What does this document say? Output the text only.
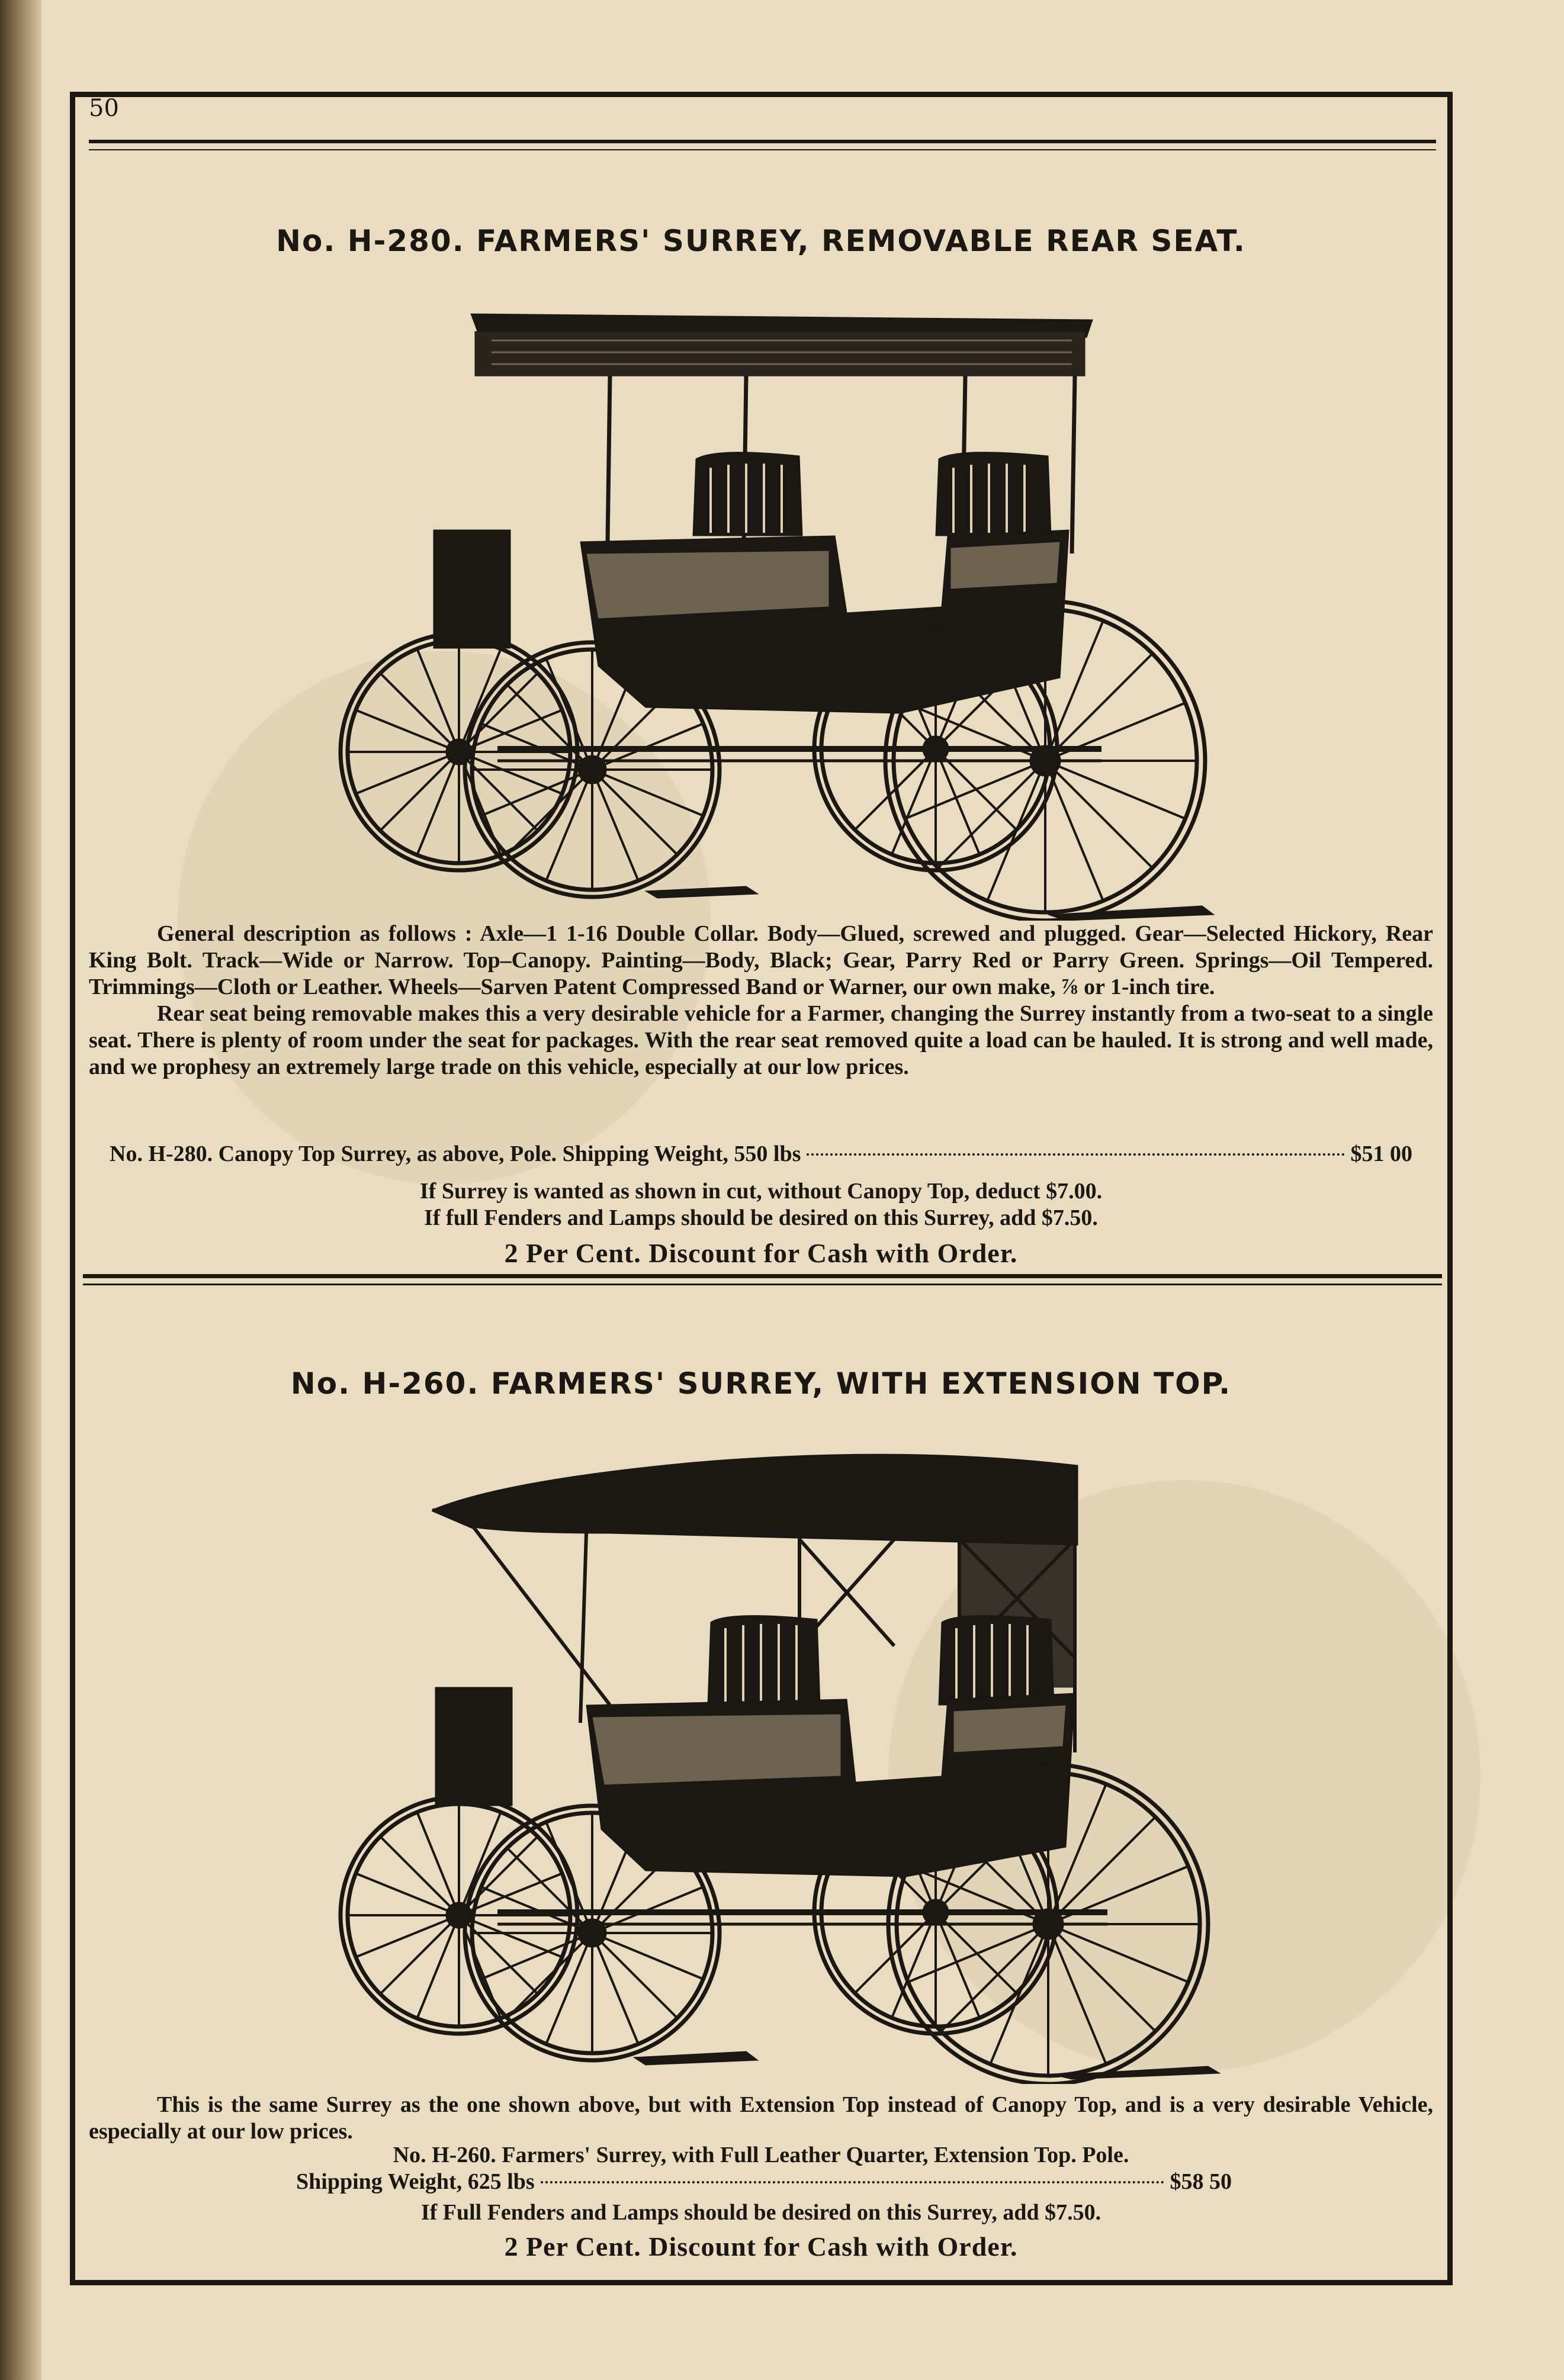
50
No. H-280. FARMERS' SURREY, REMOVABLE REAR SEAT.

General description as follows : Axle—1 1-16 Double Collar. Body—Glued, screwed and plugged. Gear—Selected Hickory, Rear King Bolt. Track—Wide or Narrow. Top–Canopy. Painting—Body, Black; Gear, Parry Red or Parry Green. Springs—Oil Tempered. Trimmings—Cloth or Leather. Wheels—Sarven Patent Compressed Band or Warner, our own make, ⅞ or 1-inch tire.

Rear seat being removable makes this a very desirable vehicle for a Farmer, changing the Surrey instantly from a two-seat to a single seat. There is plenty of room under the seat for packages. With the rear seat removed quite a load can be hauled. It is strong and well made, and we prophesy an extremely large trade on this vehicle, especially at our low prices.

No. H-280. Canopy Top Surrey, as above, Pole. Shipping Weight, 550 lbs	$51 00
If Surrey is wanted as shown in cut, without Canopy Top, deduct $7.00.
If full Fenders and Lamps should be desired on this Surrey, add $7.50.
2 Per Cent. Discount for Cash with Order.
No. H-260. FARMERS' SURREY, WITH EXTENSION TOP.

This is the same Surrey as the one shown above, but with Extension Top instead of Canopy Top, and is a very desirable Vehicle, especially at our low prices.

No. H-260. Farmers' Surrey, with Full Leather Quarter, Extension Top. Pole.
Shipping Weight, 625 lbs	$58 50
If Full Fenders and Lamps should be desired on this Surrey, add $7.50.
2 Per Cent. Discount for Cash with Order.
